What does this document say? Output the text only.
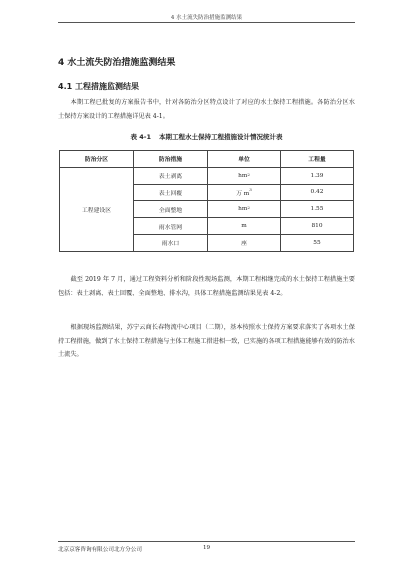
4 水土流失防治措施监测结果
4 水土流失防治措施监测结果
4.1 工程措施监测结果
本期工程已批复的方案报告书中，针对各防治分区特点设计了对应的水土保持工程措施。各防治分区水土保持方案设计的工程措施详见表 4-1。
表 4-1 本期工程水土保持工程措施设计情况统计表
防治分区	防治措施	单位	工程量
工程建设区	表土剥离	$hm^2$	1.39
	表土回覆	万 $m^3$	0.42
	全面整地	$hm^2$	1.55
	雨水管网	m	810
	雨水口	座	55
截至 2019 年 7 月，通过工程资料分析和阶段性现场监测，本期工程相继完成的水土保持工程措施主要包括：表土剥离、表土回覆、全面整地、排水沟，具体工程措施监测结果见表 4-2。
根据现场监测结果，苏宁云商长春物流中心项目（二期），基本按照水土保持方案要求落实了各项水土保持工程措施，做到了水土保持工程措施与主体工程施工措进相一致，已实施的各项工程措施能够有效的防治水土流失。
北京京客咨询有限公司北方分公司	19
